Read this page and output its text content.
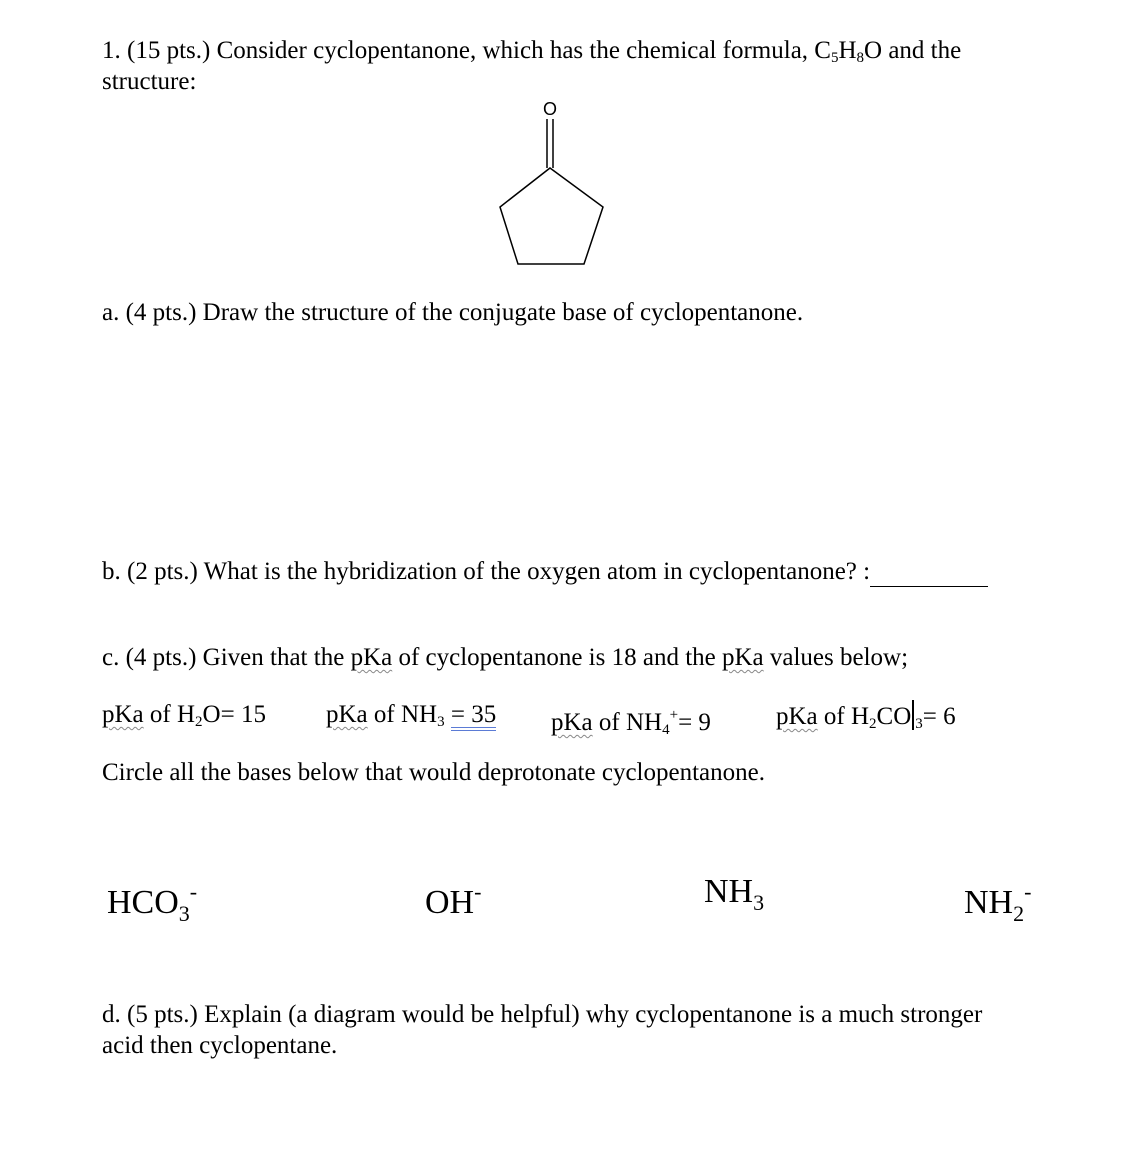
1. (15 pts.) Consider cyclopentanone, which has the chemical formula, $C_5H_8O$ and the
structure:
O
a. (4 pts.) Draw the structure of the conjugate base of cyclopentanone.
b. (2 pts.) What is the hybridization of the oxygen atom in cyclopentanone? :
c. (4 pts.) Given that the pKa of cyclopentanone is 18 and the pKa values below;
pKa of $H_2O= 15$ pKa of $NH_3 = 35$ pKa of $NH_4^+= 9$	pKa of $H_2CO$ $_3$= 6
Circle all the bases below that would deprotonate cyclopentanone.
$HCO_3^-$	OH-	$NH_3$	$NH_2^-$
d. (5 pts.) Explain (a diagram would be helpful) why cyclopentanone is a much stronger
acid then cyclopentane.
